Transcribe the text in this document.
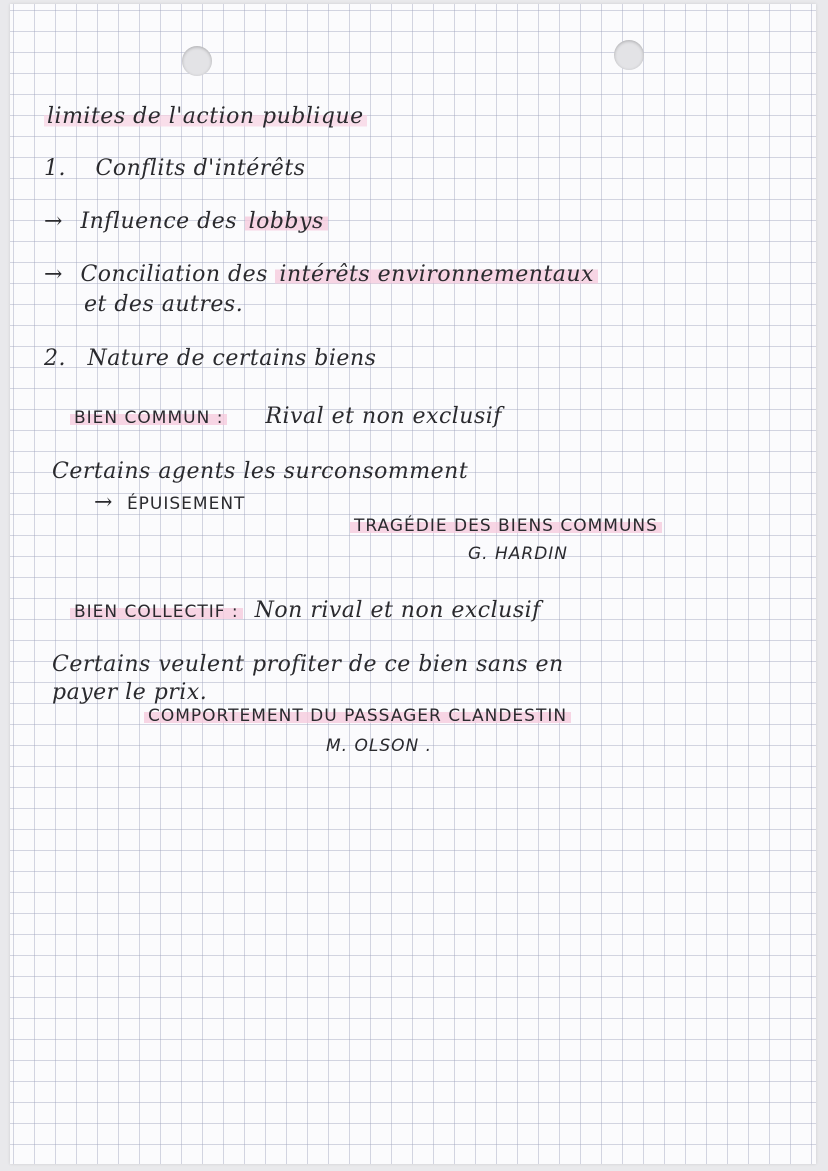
limites de l'action publique
1. Conflits d'intérêts
→ Influence des lobbys
→ Conciliation des intérêts environnementaux
et des autres.
2. Nature de certains biens
BIEN COMMUN : Rival et non exclusif
Certains agents les surconsomment
→ ÉPUISEMENT
TRAGÉDIE DES BIENS COMMUNS
G. HARDIN
BIEN COLLECTIF : Non rival et non exclusif
Certains veulent profiter de ce bien sans en
payer le prix.
COMPORTEMENT DU PASSAGER CLANDESTIN
M. OLSON .
